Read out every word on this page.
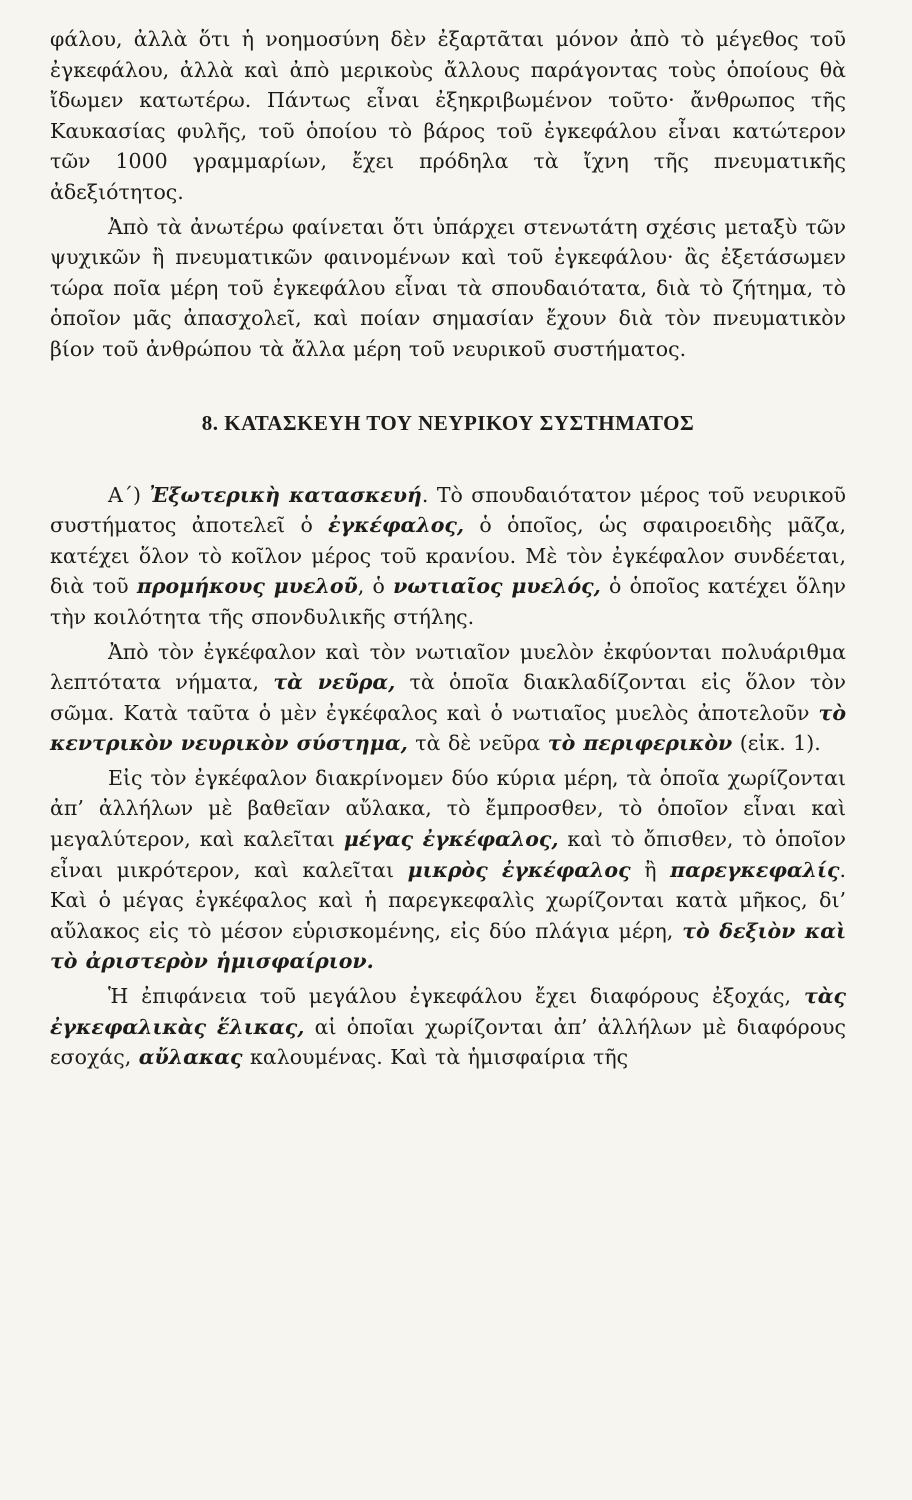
φάλου, ἀλλὰ ὅτι ἡ νοημοσύνη δὲν ἐξαρτᾶται μόνον ἀπὸ τὸ μέγεθος τοῦ ἐγκεφάλου, ἀλλὰ καὶ ἀπὸ μερικοὺς ἄλλους παράγοντας τοὺς ὁποίους θὰ ἴδωμεν κατωτέρω. Πάντως εἶναι ἐξηκριβωμένον τοῦτο· ἄνθρωπος τῆς Καυκασίας φυλῆς, τοῦ ὁποίου τὸ βάρος τοῦ ἐγκεφάλου εἶναι κατώτερον τῶν 1000 γραμμαρίων, ἔχει πρόδηλα τὰ ἴχνη τῆς πνευματικῆς ἀδεξιότητος.

Ἀπὸ τὰ ἀνωτέρω φαίνεται ὅτι ὑπάρχει στενωτάτη σχέσις μεταξὺ τῶν ψυχικῶν ἢ πνευματικῶν φαινομένων καὶ τοῦ ἐγκεφάλου· ἂς ἐξετάσωμεν τώρα ποῖα μέρη τοῦ ἐγκεφάλου εἶναι τὰ σπουδαιότατα, διὰ τὸ ζήτημα, τὸ ὁποῖον μᾶς ἀπασχολεῖ, καὶ ποίαν σημασίαν ἔχουν διὰ τὸν πνευματικὸν βίον τοῦ ἀνθρώπου τὰ ἄλλα μέρη τοῦ νευρικοῦ συστήματος.

8. ΚΑΤΑΣΚΕΥΗ ΤΟΥ ΝΕΥΡΙΚΟΥ ΣΥΣΤΗΜΑΤΟΣ

Α΄) Ἐξωτερικὴ κατασκευή. Τὸ σπουδαιότατον μέρος τοῦ νευρικοῦ συστήματος ἀποτελεῖ ὁ ἐγκέφαλος, ὁ ὁποῖος, ὡς σφαιροειδὴς μᾶζα, κατέχει ὅλον τὸ κοῖλον μέρος τοῦ κρανίου. Μὲ τὸν ἐγκέφαλον συνδέεται, διὰ τοῦ προμήκους μυελοῦ, ὁ νωτιαῖος μυελός, ὁ ὁποῖος κατέχει ὅλην τὴν κοιλότητα τῆς σπονδυλικῆς στήλης.

Ἀπὸ τὸν ἐγκέφαλον καὶ τὸν νωτιαῖον μυελὸν ἐκφύονται πολυάριθμα λεπτότατα νήματα, τὰ νεῦρα, τὰ ὁποῖα διακλαδίζονται εἰς ὅλον τὸν σῶμα. Κατὰ ταῦτα ὁ μὲν ἐγκέφαλος καὶ ὁ νωτιαῖος μυελὸς ἀποτελοῦν τὸ κεντρικὸν νευρικὸν σύστημα, τὰ δὲ νεῦρα τὸ περιφερικὸν (εἰκ. 1).

Εἰς τὸν ἐγκέφαλον διακρίνομεν δύο κύρια μέρη, τὰ ὁποῖα χωρίζονται ἀπ’ ἀλλήλων μὲ βαθεῖαν αὔλακα, τὸ ἔμπροσθεν, τὸ ὁποῖον εἶναι καὶ μεγαλύτερον, καὶ καλεῖται μέγας ἐγκέφαλος, καὶ τὸ ὄπισθεν, τὸ ὁποῖον εἶναι μικρότερον, καὶ καλεῖται μικρὸς ἐγκέφαλος ἢ παρεγκεφαλίς. Καὶ ὁ μέγας ἐγκέφαλος καὶ ἡ παρεγκεφαλὶς χωρίζονται κατὰ μῆκος, δι’ αὔλακος εἰς τὸ μέσον εὑρισκομένης, εἰς δύο πλάγια μέρη, τὸ δεξιὸν καὶ τὸ ἀριστερὸν ἡμισφαίριον.

Ἡ ἐπιφάνεια τοῦ μεγάλου ἐγκεφάλου ἔχει διαφόρους ἐξοχάς, τὰς ἐγκεφαλικὰς ἕλικας, αἱ ὁποῖαι χωρίζονται ἀπ’ ἀλλήλων μὲ διαφόρους εσοχάς, αὔλακας καλουμένας. Καὶ τὰ ἡμισφαίρια τῆς
